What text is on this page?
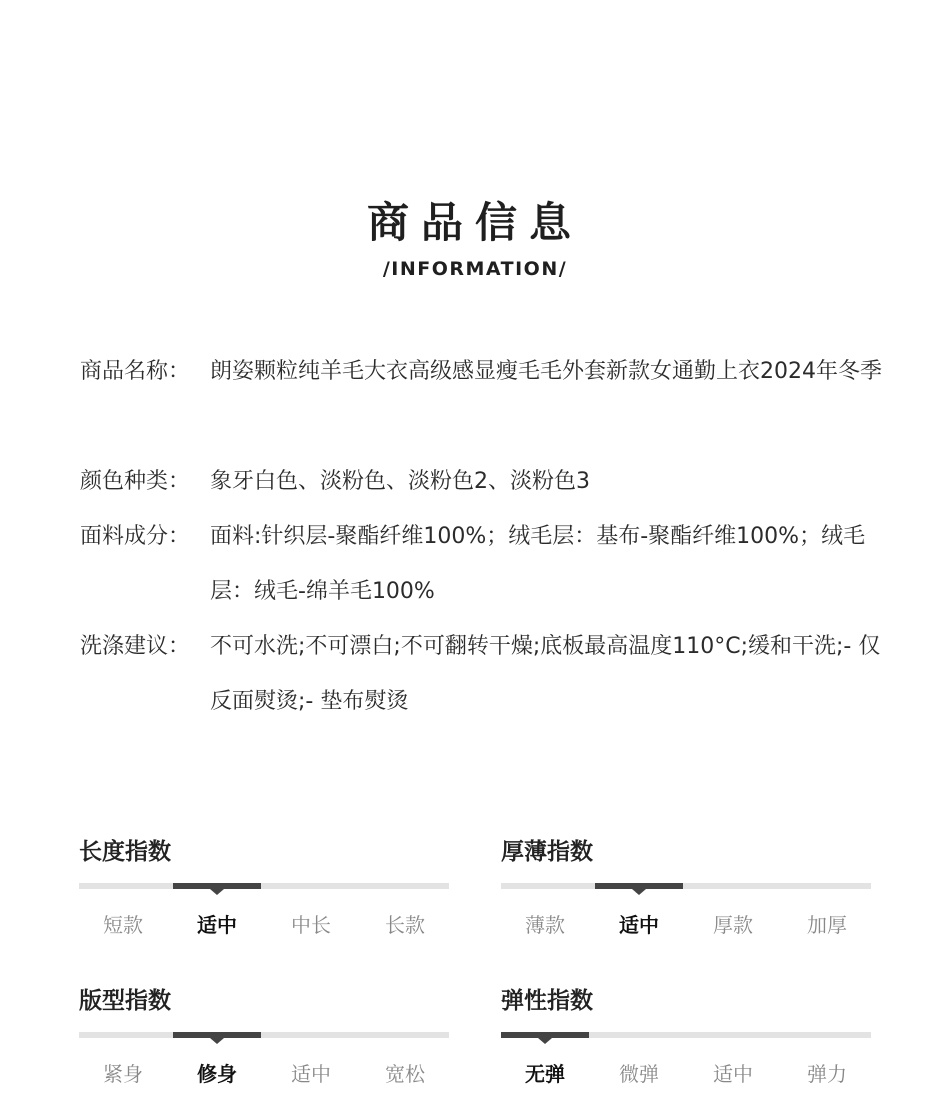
商品信息
/INFORMATION/
商品名称： 朗姿颗粒纯羊毛大衣高级感显瘦毛毛外套新款女通勤上衣2024年冬季
颜色种类： 象牙白色、淡粉色、淡粉色2、淡粉色3
面料成分： 面料:针织层-聚酯纤维100%；绒毛层：基布-聚酯纤维100%；绒毛层：绒毛-绵羊毛100%
洗涤建议： 不可水洗;不可漂白;不可翻转干燥;底板最高温度110°C;缓和干洗;- 仅反面熨烫;- 垫布熨烫
长度指数
短款	适中	中长	长款
厚薄指数
薄款	适中	厚款	加厚
版型指数
紧身	修身	适中	宽松
弹性指数
无弹	微弹	适中	弹力
